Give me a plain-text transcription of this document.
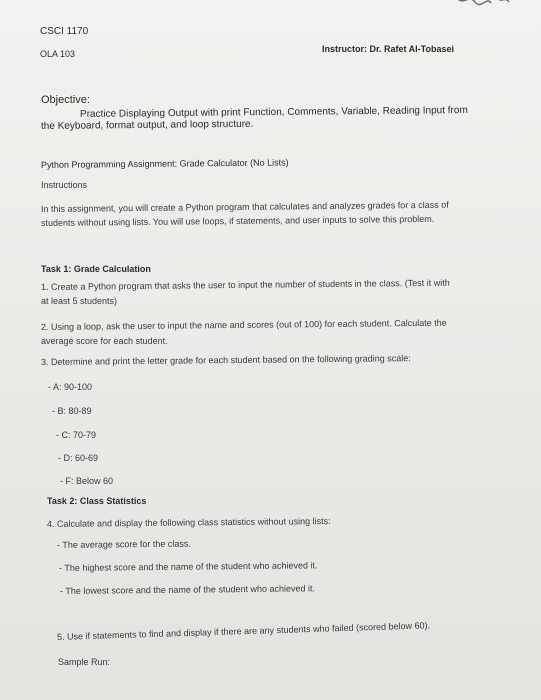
CSCI 1170
OLA 103	Instructor: Dr. Rafet Al-Tobasei
Objective:
Practice Displaying Output with print Function, Comments, Variable, Reading Input from
the Keyboard, format output, and loop structure.
Python Programming Assignment: Grade Calculator (No Lists)
Instructions
In this assignment, you will create a Python program that calculates and analyzes grades for a class of
students without using lists. You will use loops, if statements, and user inputs to solve this problem.
Task 1: Grade Calculation
1. Create a Python program that asks the user to input the number of students in the class. (Test it with
at least 5 students)
2. Using a loop, ask the user to input the name and scores (out of 100) for each student. Calculate the
average score for each student.
3. Determine and print the letter grade for each student based on the following grading scale:
- A: 90-100
- B: 80-89
- C: 70-79
- D: 60-69
- F: Below 60
Task 2: Class Statistics
4. Calculate and display the following class statistics without using lists:
- The average score for the class.
- The highest score and the name of the student who achieved it.
- The lowest score and the name of the student who achieved it.
5. Use if statements to find and display if there are any students who failed (scored below 60).
Sample Run:
